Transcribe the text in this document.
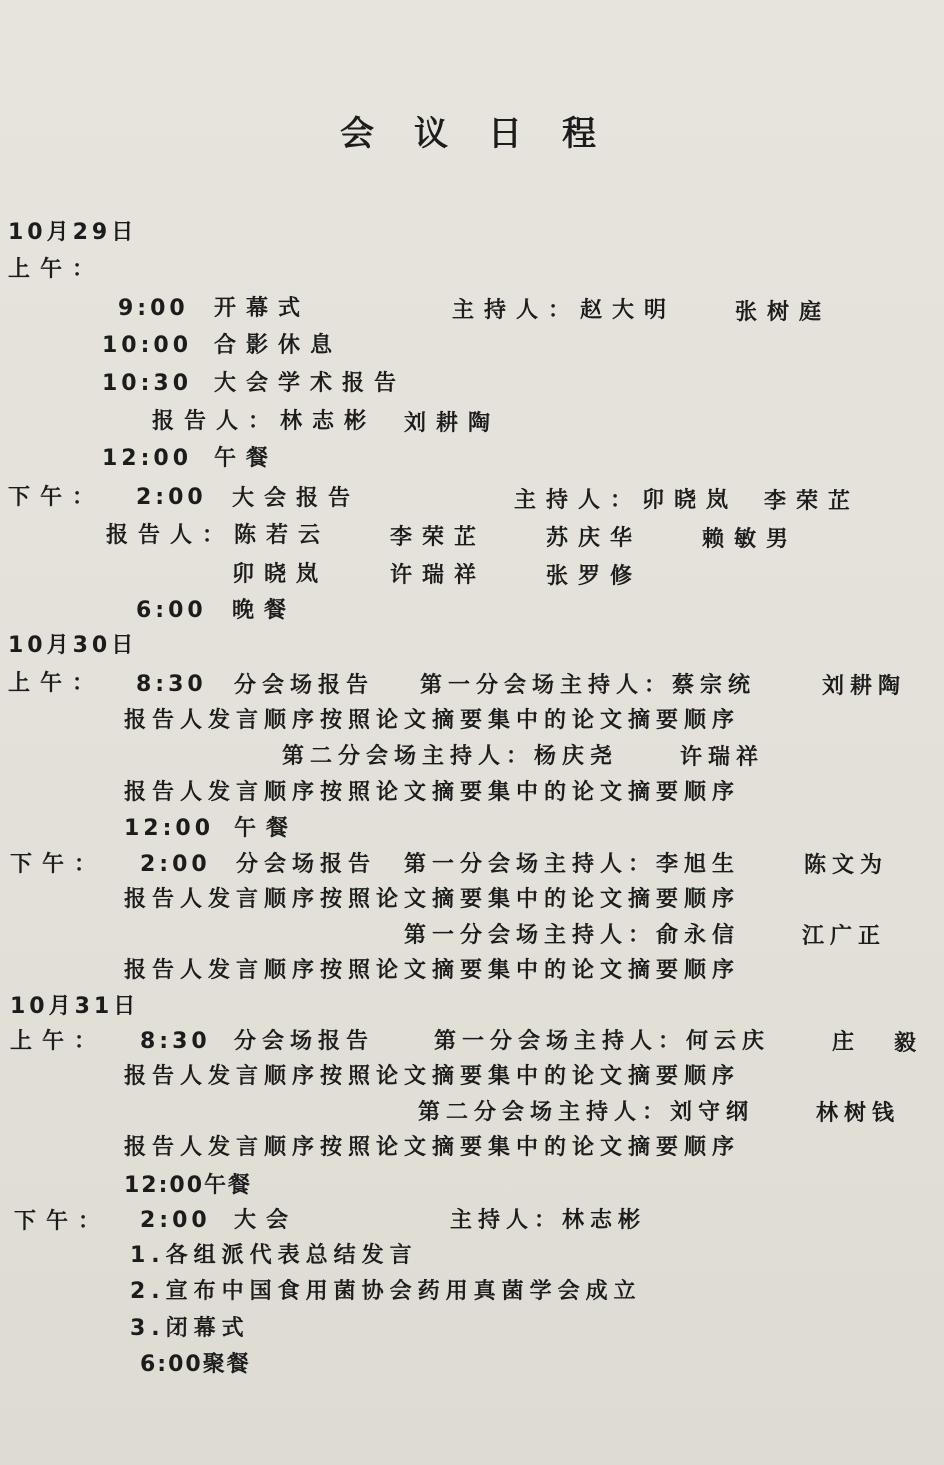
会议日程
10月29日
上午：
9:00 开幕式	主持人：赵大明	张树庭
10:00 合影休息
10:30 大会学术报告
报告人：林志彬 刘耕陶
12:00 午餐
下午： 2:00 大会报告	主持人：卯晓岚 李荣芷
报告人：陈若云	李荣芷	苏庆华	赖敏男
卯晓岚	许瑞祥	张罗修
6:00 晚餐
10月30日
上午： 8:30 分会场报告 第一分会场主持人：蔡宗统	刘耕陶
报告人发言顺序按照论文摘要集中的论文摘要顺序
第二分会场主持人：杨庆尧	许瑞祥
报告人发言顺序按照论文摘要集中的论文摘要顺序
12:00 午餐
下午： 2:00 分会场报告 第一分会场主持人：李旭生	陈文为
报告人发言顺序按照论文摘要集中的论文摘要顺序
第一分会场主持人：俞永信	江广正
报告人发言顺序按照论文摘要集中的论文摘要顺序
10月31日
上午： 8:30 分会场报告	第一分会场主持人：何云庆	庄 毅
报告人发言顺序按照论文摘要集中的论文摘要顺序
第二分会场主持人：刘守纲	林树钱
报告人发言顺序按照论文摘要集中的论文摘要顺序
12:00午餐
下午： 2:00 大会	主持人：林志彬
1.各组派代表总结发言
2.宣布中国食用菌协会药用真菌学会成立
3.闭幕式
6:00聚餐
